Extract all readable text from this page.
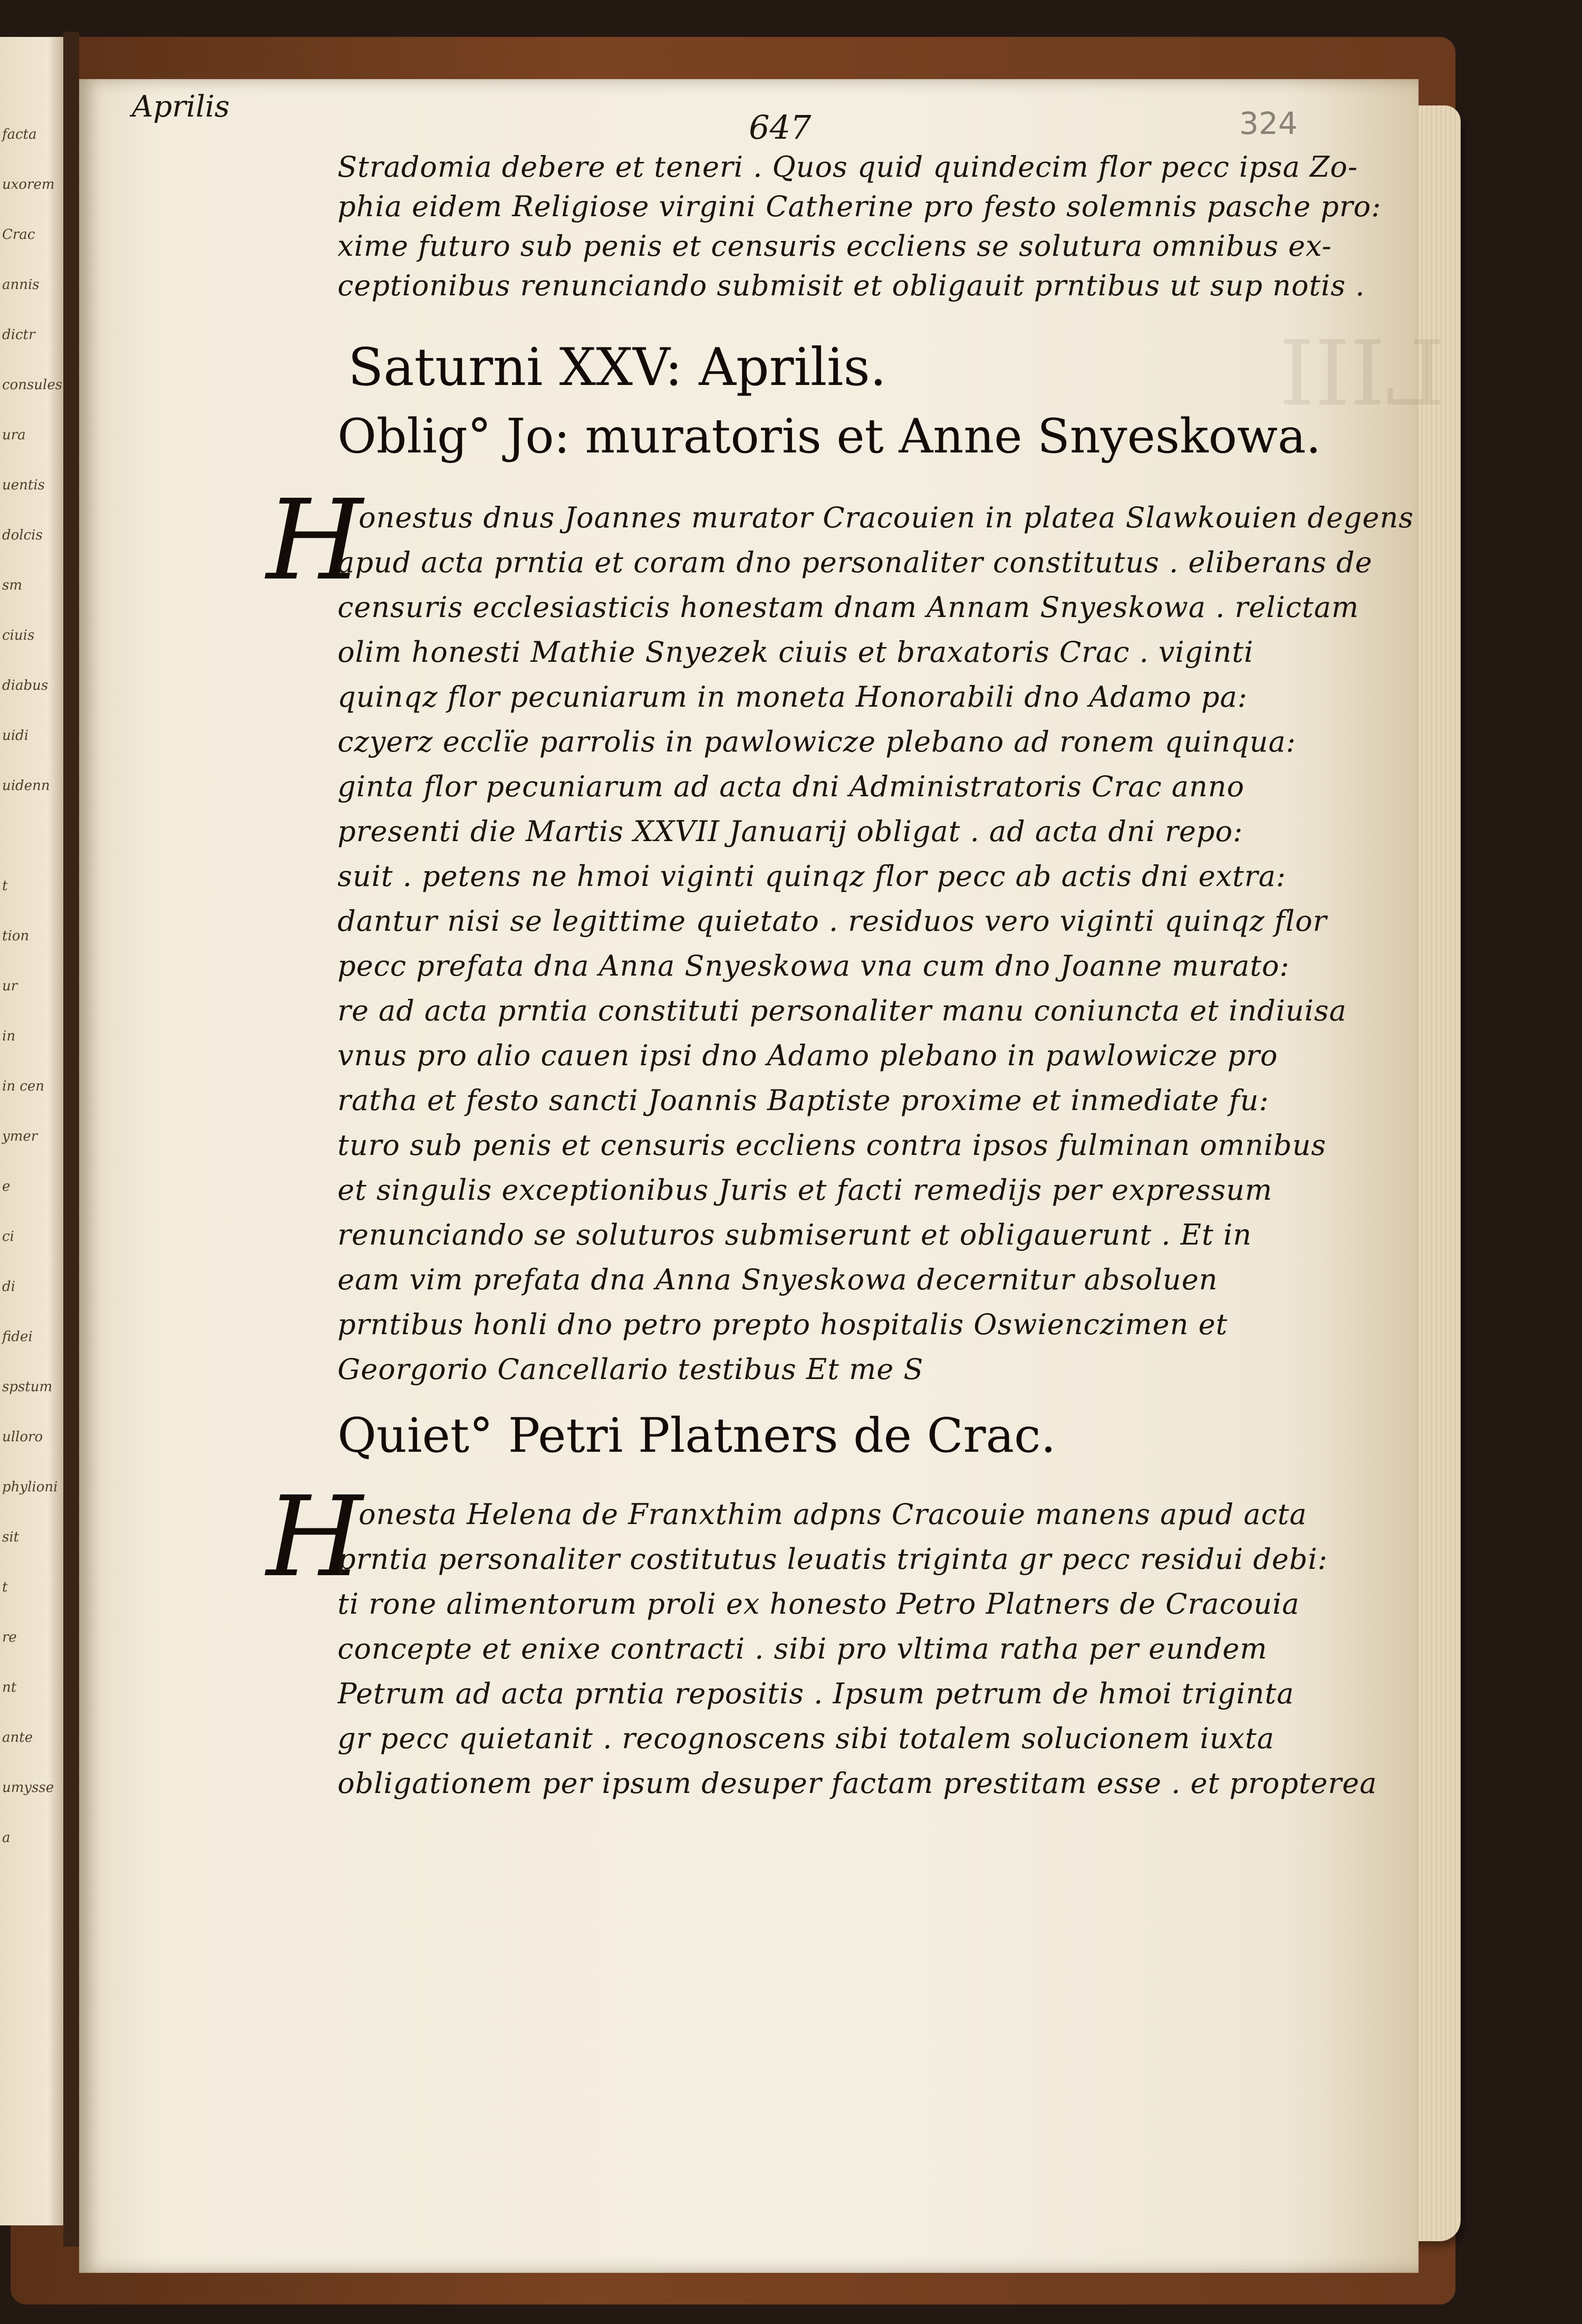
facta
uxorem
Crac
annis
dictr
consules
ura
uentis
dolcis
sm
ciuis
diabus
uidi
uidenn
t
tion
ur
in
in cen
ymer
e
ci
di
fidei
spstum
ulloro
phylioni
sit
t
re
nt
ante
umysse
a
LIII
Aprilis
647	324
Stradomia debere et teneri . Quos quid quindecim flor pecc ipsa Zo-
phia eidem Religiose virgini Catherine pro festo solemnis pasche pro:
xime futuro sub penis et censuris eccliens se solutura omnibus ex-
ceptionibus renunciando submisit et obligauit prntibus ut sup notis .
Saturni XXV: Aprilis.
Oblig° Jo: muratoris et Anne Snyeskowa.
H
onestus dnus Joannes murator Cracouien in platea Slawkouien degens
apud acta prntia et coram dno personaliter constitutus . eliberans de
censuris ecclesiasticis honestam dnam Annam Snyeskowa . relictam
olim honesti Mathie Snyezek ciuis et braxatoris Crac . viginti
quinqz flor pecuniarum in moneta Honorabili dno Adamo pa:
czyerz ecclïe parrolis in pawlowicze plebano ad ronem quinqua:
ginta flor pecuniarum ad acta dni Administratoris Crac anno
presenti die Martis XXVII Januarij obligat . ad acta dni repo:
suit . petens ne hmoi viginti quinqz flor pecc ab actis dni extra:
dantur nisi se legittime quietato . residuos vero viginti quinqz flor
pecc prefata dna Anna Snyeskowa vna cum dno Joanne murato:
re ad acta prntia constituti personaliter manu coniuncta et indiuisa
vnus pro alio cauen ipsi dno Adamo plebano in pawlowicze pro
ratha et festo sancti Joannis Baptiste proxime et inmediate fu:
turo sub penis et censuris eccliens contra ipsos fulminan omnibus
et singulis exceptionibus Juris et facti remedijs per expressum
renunciando se soluturos submiserunt et obligauerunt . Et in
eam vim prefata dna Anna Snyeskowa decernitur absoluen
prntibus honli dno petro prepto hospitalis Oswienczimen et
Georgorio Cancellario testibus Et me S
Quiet° Petri Platners de Crac.
H
onesta Helena de Franxthim adpns Cracouie manens apud acta
prntia personaliter costitutus leuatis triginta gr pecc residui debi:
ti rone alimentorum proli ex honesto Petro Platners de Cracouia
concepte et enixe contracti . sibi pro vltima ratha per eundem
Petrum ad acta prntia repositis . Ipsum petrum de hmoi triginta
gr pecc quietanit . recognoscens sibi totalem solucionem iuxta
obligationem per ipsum desuper factam prestitam esse . et propterea
